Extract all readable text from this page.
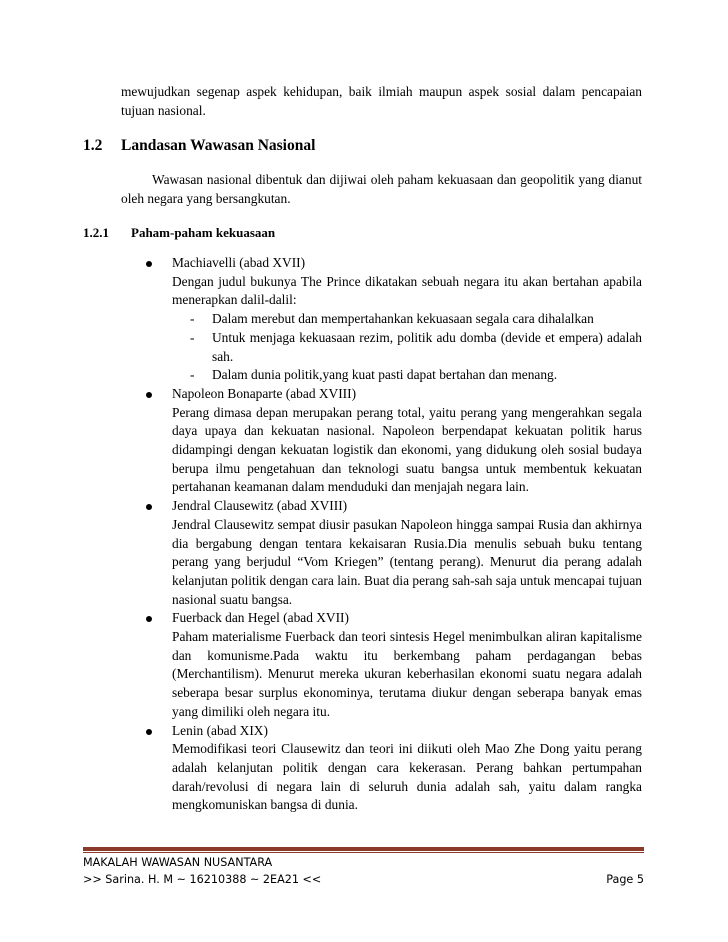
mewujudkan segenap aspek kehidupan, baik ilmiah maupun aspek sosial dalam pencapaian
tujuan nasional.
1.2 Landasan Wawasan Nasional
Wawasan nasional dibentuk dan dijiwai oleh paham kekuasaan dan geopolitik yang dianut oleh negara yang bersangkutan.
1.2.1 Paham-paham kekuasaan
Machiavelli (abad XVII)
Dengan judul bukunya The Prince dikatakan sebuah negara itu akan bertahan apabila menerapkan dalil-dalil:
- Dalam merebut dan mempertahankan kekuasaan segala cara dihalalkan
- Untuk menjaga kekuasaan rezim, politik adu domba (devide et empera) adalah sah.
- Dalam dunia politik,yang kuat pasti dapat bertahan dan menang.
Napoleon Bonaparte (abad XVIII)
Perang dimasa depan merupakan perang total, yaitu perang yang mengerahkan segala daya upaya dan kekuatan nasional. Napoleon berpendapat kekuatan politik harus didampingi dengan kekuatan logistik dan ekonomi, yang didukung oleh sosial budaya berupa ilmu pengetahuan dan teknologi suatu bangsa untuk membentuk kekuatan pertahanan keamanan dalam menduduki dan menjajah negara lain.
Jendral Clausewitz (abad XVIII)
Jendral Clausewitz sempat diusir pasukan Napoleon hingga sampai Rusia dan akhirnya dia bergabung dengan tentara kekaisaran Rusia.Dia menulis sebuah buku tentang perang yang berjudul “Vom Kriegen” (tentang perang). Menurut dia perang adalah kelanjutan politik dengan cara lain. Buat dia perang sah-sah saja untuk mencapai tujuan nasional suatu bangsa.
Fuerback dan Hegel (abad XVII)
Paham materialisme Fuerback dan teori sintesis Hegel menimbulkan aliran kapitalisme dan komunisme.Pada waktu itu berkembang paham perdagangan bebas (Merchantilism). Menurut mereka ukuran keberhasilan ekonomi suatu negara adalah seberapa besar surplus ekonominya, terutama diukur dengan seberapa banyak emas yang dimiliki oleh negara itu.
Lenin (abad XIX)
Memodifikasi teori Clausewitz dan teori ini diikuti oleh Mao Zhe Dong yaitu perang adalah kelanjutan politik dengan cara kekerasan. Perang bahkan pertumpahan darah/revolusi di negara lain di seluruh dunia adalah sah, yaitu dalam rangka mengkomuniskan bangsa di dunia.
MAKALAH WAWASAN NUSANTARA
>> Sarina. H. M ~ 16210388 ~ 2EA21 <<	Page 5
